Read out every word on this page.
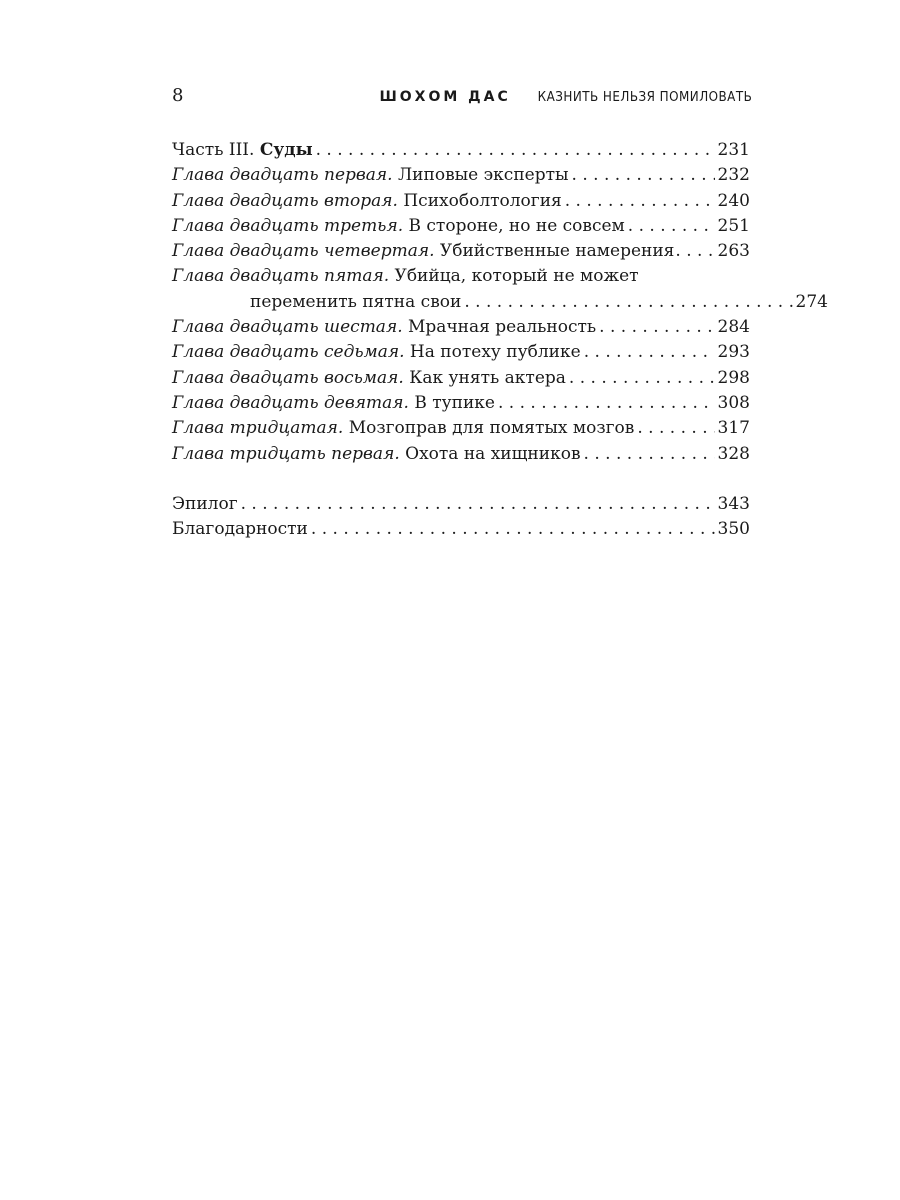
8	ШОХОМ ДАС КАЗНИТЬ НЕЛЬЗЯ ПОМИЛОВАТЬ
Часть III. Суды . . .	231
Глава двадцать первая. Липовые эксперты . . .	232
Глава двадцать вторая. Психоболтология . . .	240
Глава двадцать третья. В стороне, но не совсем . . .	251
Глава двадцать четвертая. Убийственные намерения . . .	263
Глава двадцать пятая. Убийца, который не может
переменить пятна свои . . .	274
Глава двадцать шестая. Мрачная реальность . . .	284
Глава двадцать седьмая. На потеху публике . . .	293
Глава двадцать восьмая. Как унять актера . . .	298
Глава двадцать девятая. В тупике . . .	308
Глава тридцатая. Мозгоправ для помятых мозгов . . .	317
Глава тридцать первая. Охота на хищников . . .	328
Эпилог . . .	343
Благодарности . . .	350
